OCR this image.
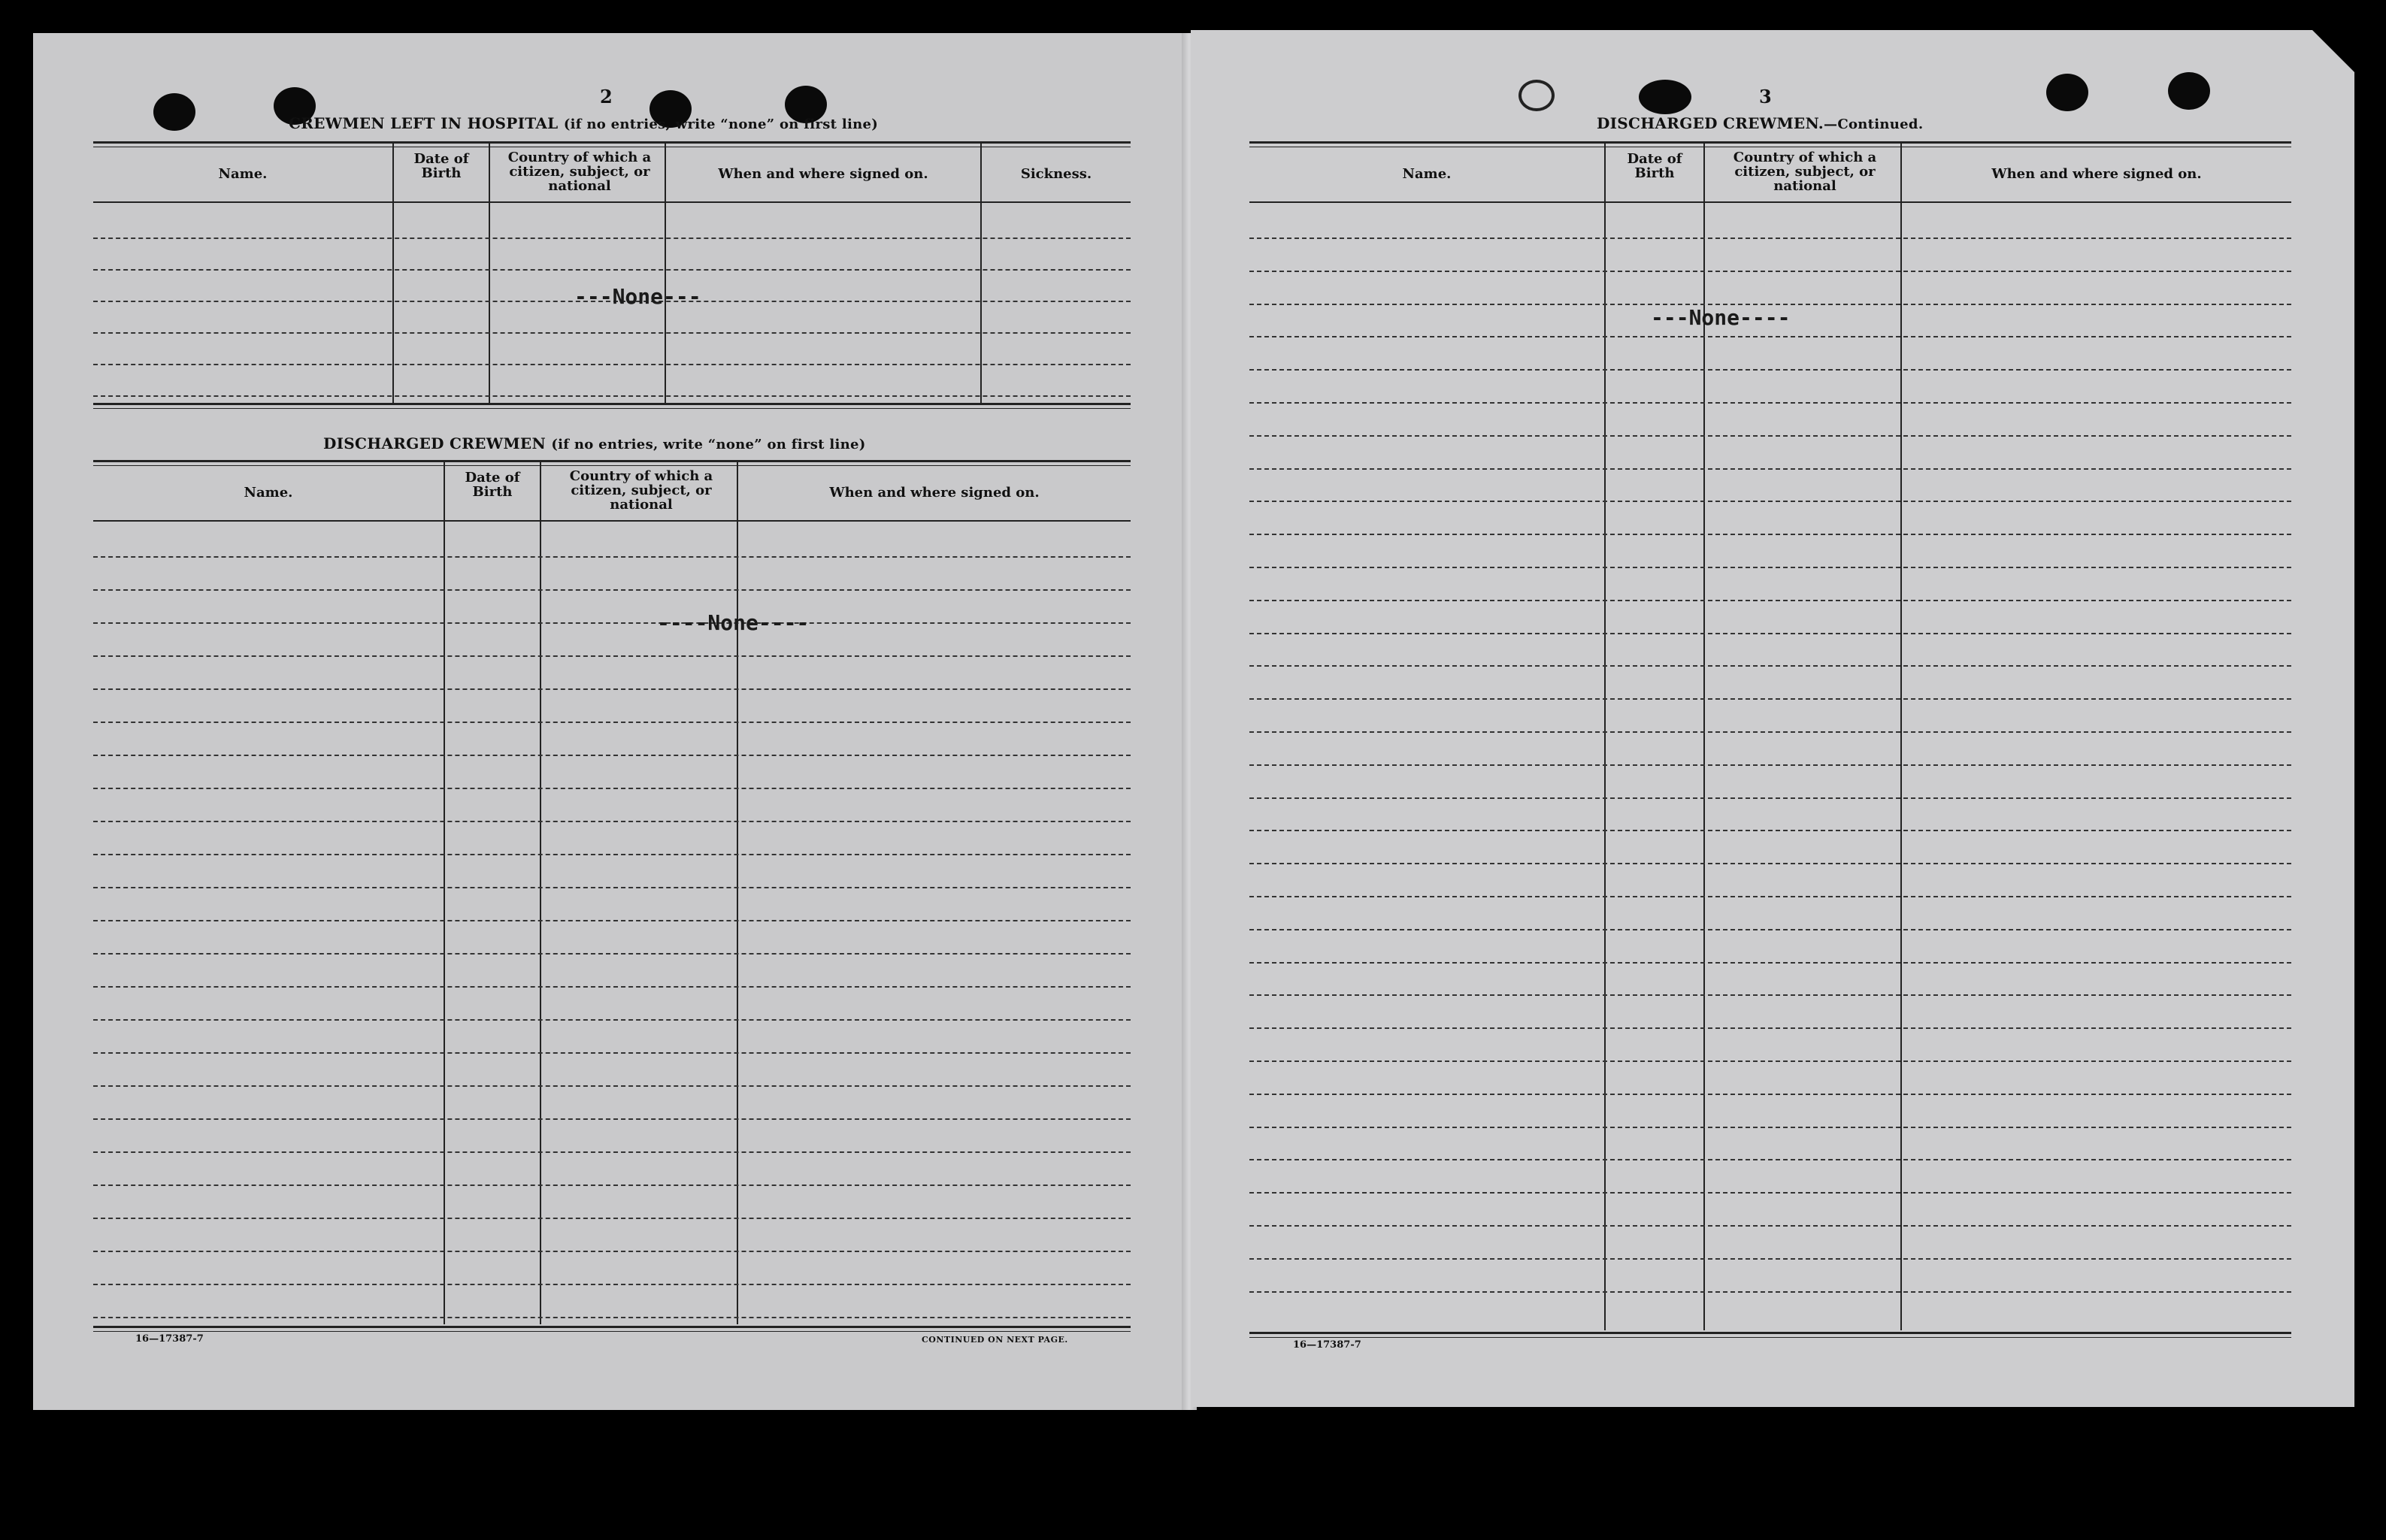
2
CREWMEN LEFT IN HOSPITAL (if no entries, write “none” on first line)
Name.
Date of Birth
Country of which a citizen, subject, or national
When and where signed on.	Sickness.
---None---
DISCHARGED CREWMEN (if no entries, write “none” on first line)
Name.
Date of Birth
Country of which a citizen, subject, or national
When and where signed on.
----None----
16—17387-7	CONTINUED ON NEXT PAGE.
3
DISCHARGED CREWMEN.—Continued.
Name.
Date of Birth
Country of which a citizen, subject, or national
When and where signed on.
---None----
16—17387-7
